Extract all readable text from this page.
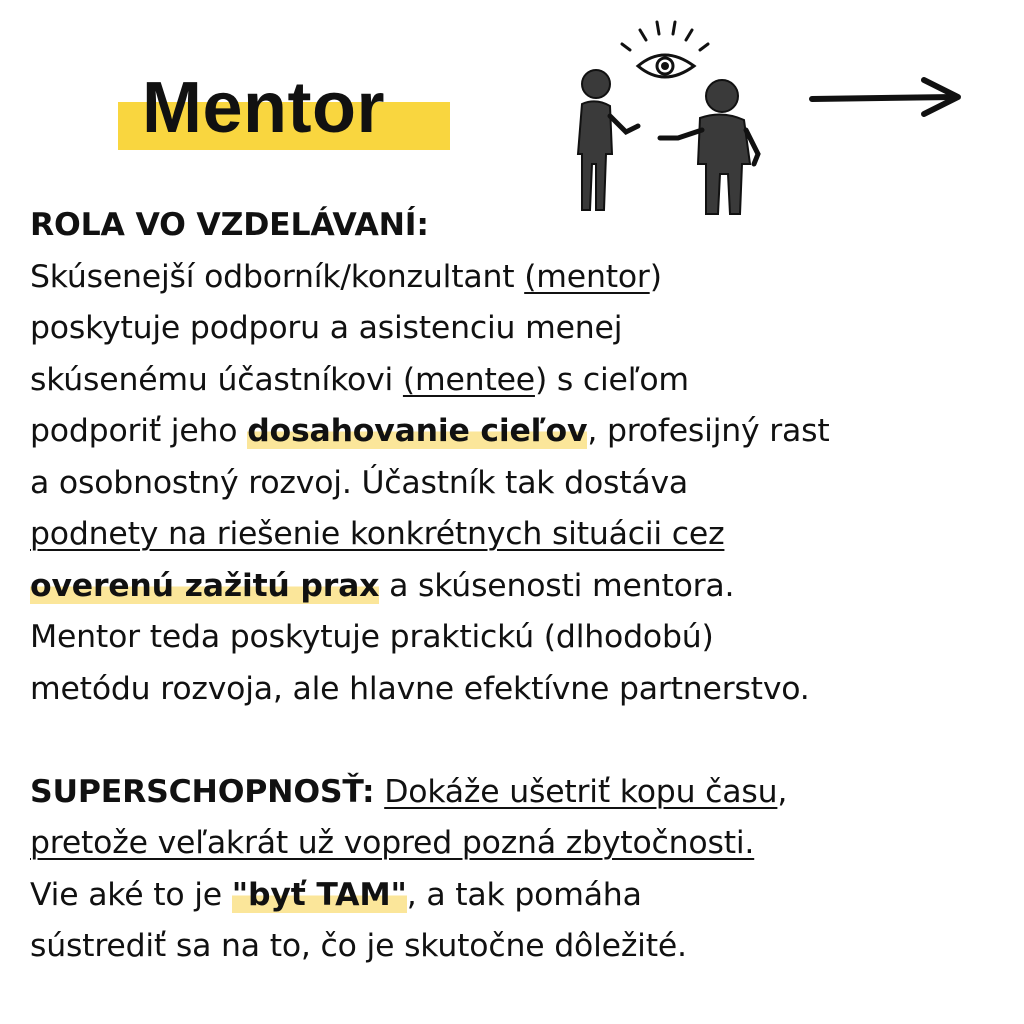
Mentor

ROLA VO VZDELÁVANÍ:

Skúsenejší odborník/konzultant (mentor)

poskytuje podporu a asistenciu menej

skúsenému účastníkovi (mentee) s cieľom

podporiť jeho dosahovanie cieľov, profesijný rast

a osobnostný rozvoj. Účastník tak dostáva

podnety na riešenie konkrétnych situácii cez

overenú zažitú prax a skúsenosti mentora.

Mentor teda poskytuje praktickú (dlhodobú)

metódu rozvoja, ale hlavne efektívne partnerstvo.

SUPERSCHOPNOSŤ: Dokáže ušetriť kopu času,

pretože veľakrát už vopred pozná zbytočnosti.

Vie aké to je "byť TAM", a tak pomáha

sústrediť sa na to, čo je skutočne dôležité.
